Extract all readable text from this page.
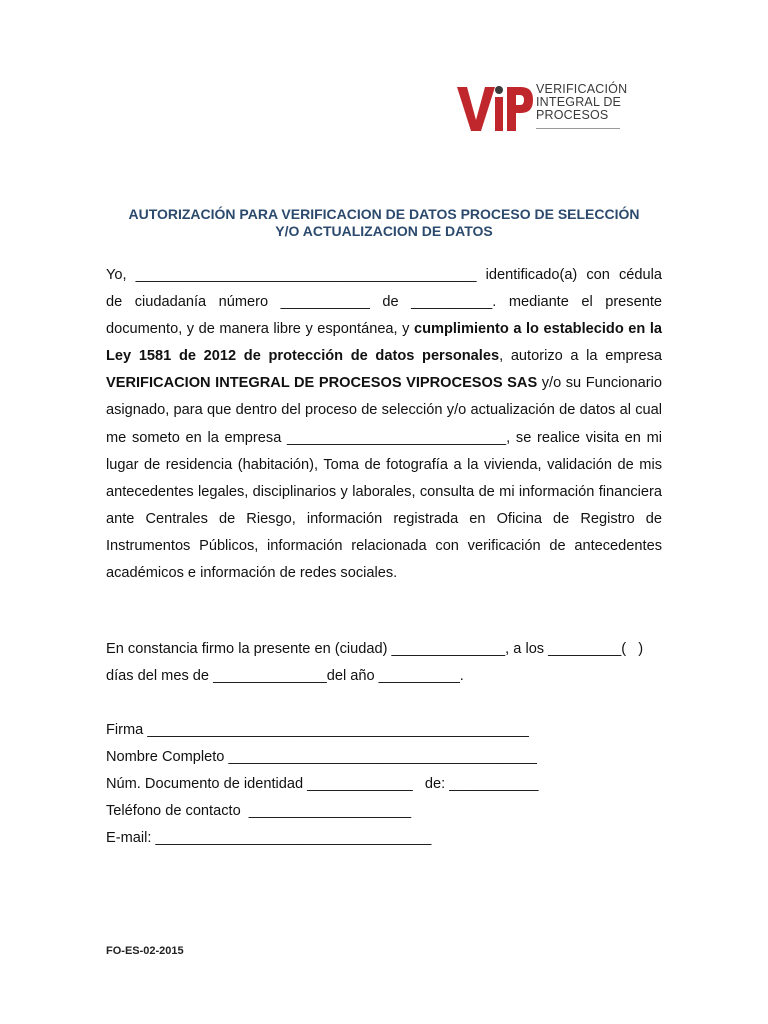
VERIFICACIÓN
INTEGRAL DE
PROCESOS
AUTORIZACIÓN PARA VERIFICACION DE DATOS PROCESO DE SELECCIÓN
Y/O ACTUALIZACION DE DATOS
Yo, __________________________________________ identificado(a) con cédula de ciudadanía número ___________ de __________. mediante el presente documento, y de manera libre y espontánea, y cumplimiento a lo establecido en la Ley 1581 de 2012 de protección de datos personales, autorizo a la empresa VERIFICACION INTEGRAL DE PROCESOS VIPROCESOS SAS y/o su Funcionario asignado, para que dentro del proceso de selección y/o actualización de datos al cual me someto en la empresa ___________________________, se realice visita en mi lugar de residencia (habitación), Toma de fotografía a la vivienda, validación de mis antecedentes legales, disciplinarios y laborales, consulta de mi información financiera ante Centrales de Riesgo, información registrada en Oficina de Registro de Instrumentos Públicos, información relacionada con verificación de antecedentes académicos e información de redes sociales.
En constancia firmo la presente en (ciudad) ______________, a los _________(   )
días del mes de ______________del año __________.
Firma _______________________________________________
Nombre Completo ______________________________________
Núm. Documento de identidad _____________   de: ___________
Teléfono de contacto  ____________________
E-mail: __________________________________
FO-ES-02-2015
